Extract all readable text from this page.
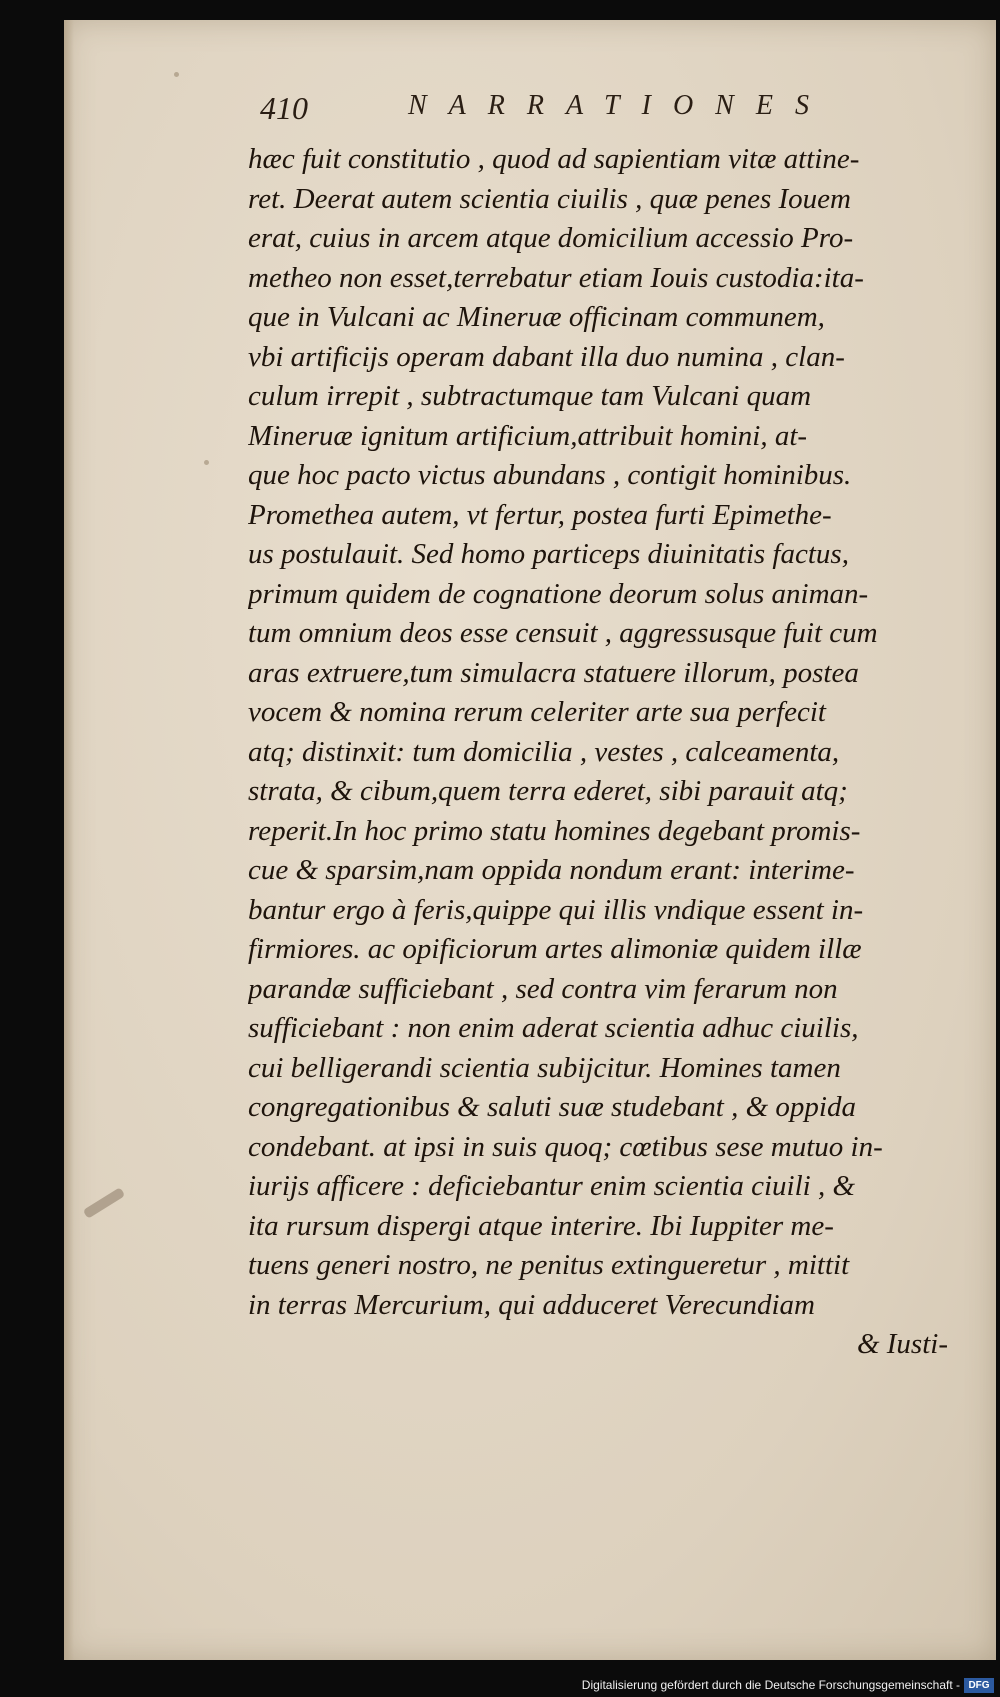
410	NARRATIONES
hæc fuit constitutio , quod ad sapientiam vitæ attine-
ret. Deerat autem scientia ciuilis , quæ penes Iouem
erat, cuius in arcem atque domicilium accessio Pro-
metheo non esset,terrebatur etiam Iouis custodia:ita-
que in Vulcani ac Mineruæ officinam communem,
vbi artificijs operam dabant illa duo numina , clan-
culum irrepit , subtractumque tam Vulcani quam
Mineruæ ignitum artificium,attribuit homini, at-
que hoc pacto victus abundans , contigit hominibus.
Promethea autem, vt fertur, postea furti Epimethe-
us postulauit. Sed homo particeps diuinitatis factus,
primum quidem de cognatione deorum solus animan-
tum omnium deos esse censuit , aggressusque fuit cum
aras extruere,tum simulacra statuere illorum, postea
vocem & nomina rerum celeriter arte sua perfecit
atq; distinxit: tum domicilia , vestes , calceamenta,
strata, & cibum,quem terra ederet, sibi parauit atq;
reperit.In hoc primo statu homines degebant promis-
cue & sparsim,nam oppida nondum erant: interime-
bantur ergo à feris,quippe qui illis vndique essent in-
firmiores. ac opificiorum artes alimoniæ quidem illæ
parandæ sufficiebant , sed contra vim ferarum non
sufficiebant : non enim aderat scientia adhuc ciuilis,
cui belligerandi scientia subijcitur. Homines tamen
congregationibus & saluti suæ studebant , & oppida
condebant. at ipsi in suis quoq; cœtibus sese mutuo in-
iurijs afficere : deficiebantur enim scientia ciuili , &
ita rursum dispergi atque interire. Ibi Iuppiter me-
tuens generi nostro, ne penitus extingueretur , mittit
in terras Mercurium, qui adduceret Verecundiam
& Iusti-
Digitalisierung gefördert durch die Deutsche Forschungsgemeinschaft - DFG
